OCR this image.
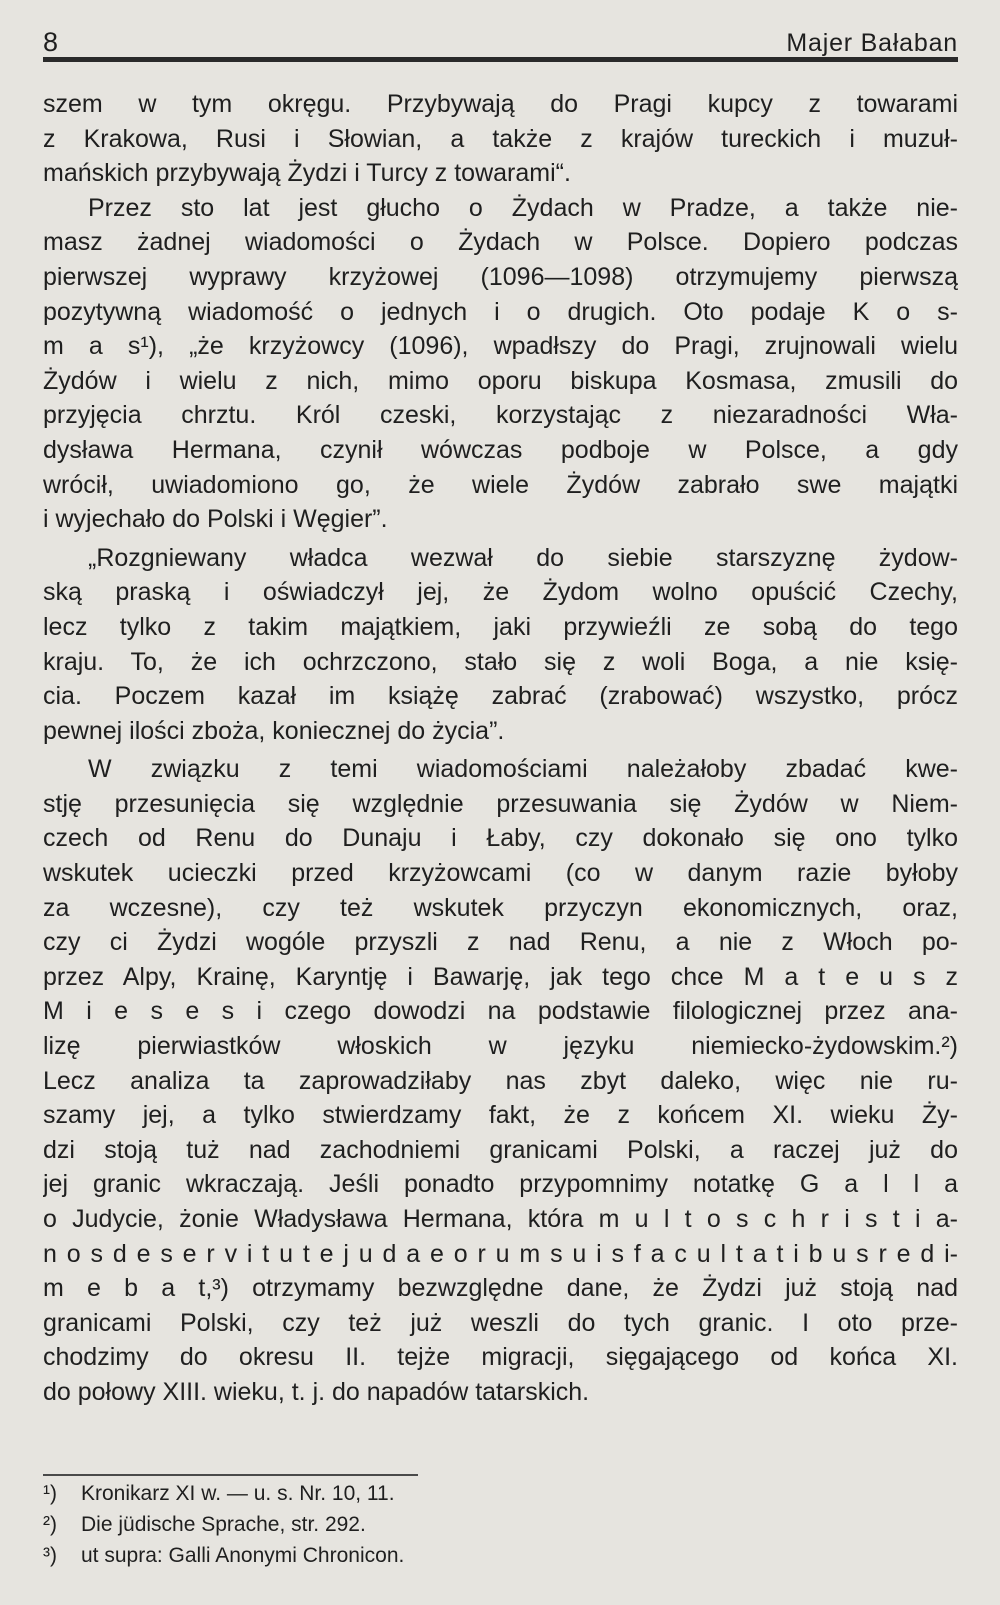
8	Majer Bałaban
szem w tym okręgu. Przybywają do Pragi kupcy z towarami
z Krakowa, Rusi i Słowian, a także z krajów tureckich i muzuł-
mańskich przybywają Żydzi i Turcy z towarami“.
Przez sto lat jest głucho o Żydach w Pradze, a także nie-
masz żadnej wiadomości o Żydach w Polsce. Dopiero podczas
pierwszej wyprawy krzyżowej (1096—1098) otrzymujemy pierwszą
pozytywną wiadomość o jednych i o drugich. Oto podaje K o s-
m a s¹), „że krzyżowcy (1096), wpadłszy do Pragi, zrujnowali wielu
Żydów i wielu z nich, mimo oporu biskupa Kosmasa, zmusili do
przyjęcia chrztu. Król czeski, korzystając z niezaradności Wła-
dysława Hermana, czynił wówczas podboje w Polsce, a gdy
wrócił, uwiadomiono go, że wiele Żydów zabrało swe majątki
i wyjechało do Polski i Węgier”.
„Rozgniewany władca wezwał do siebie starszyznę żydow-
ską praską i oświadczył jej, że Żydom wolno opuścić Czechy,
lecz tylko z takim majątkiem, jaki przywieźli ze sobą do tego
kraju. To, że ich ochrzczono, stało się z woli Boga, a nie księ-
cia. Poczem kazał im książę zabrać (zrabować) wszystko, prócz
pewnej ilości zboża, koniecznej do życia”.
W związku z temi wiadomościami należałoby zbadać kwe-
stję przesunięcia się względnie przesuwania się Żydów w Niem-
czech od Renu do Dunaju i Łaby, czy dokonało się ono tylko
wskutek ucieczki przed krzyżowcami (co w danym razie byłoby
za wczesne), czy też wskutek przyczyn ekonomicznych, oraz,
czy ci Żydzi wogóle przyszli z nad Renu, a nie z Włoch po-
przez Alpy, Krainę, Karyntję i Bawarję, jak tego chce M a t e u s z
M i e s e s i czego dowodzi na podstawie filologicznej przez ana-
lizę pierwiastków włoskich w języku niemiecko-żydowskim.²)
Lecz analiza ta zaprowadziłaby nas zbyt daleko, więc nie ru-
szamy jej, a tylko stwierdzamy fakt, że z końcem XI. wieku Ży-
dzi stoją tuż nad zachodniemi granicami Polski, a raczej już do
jej granic wkraczają. Jeśli ponadto przypomnimy notatkę G a l l a
o Judycie, żonie Władysława Hermana, która m u l t o s c h r i s t i a-
n o s d e s e r v i t u t e j u d a e o r u m s u i s f a c u l t a t i b u s r e d i-
m e b a t,³) otrzymamy bezwzględne dane, że Żydzi już stoją nad
granicami Polski, czy też już weszli do tych granic. I oto prze-
chodzimy do okresu II. tejże migracji, sięgającego od końca XI.
do połowy XIII. wieku, t. j. do napadów tatarskich.
¹) Kronikarz XI w. — u. s. Nr. 10, 11.
²) Die jüdische Sprache, str. 292.
³) ut supra: Galli Anonymi Chronicon.
